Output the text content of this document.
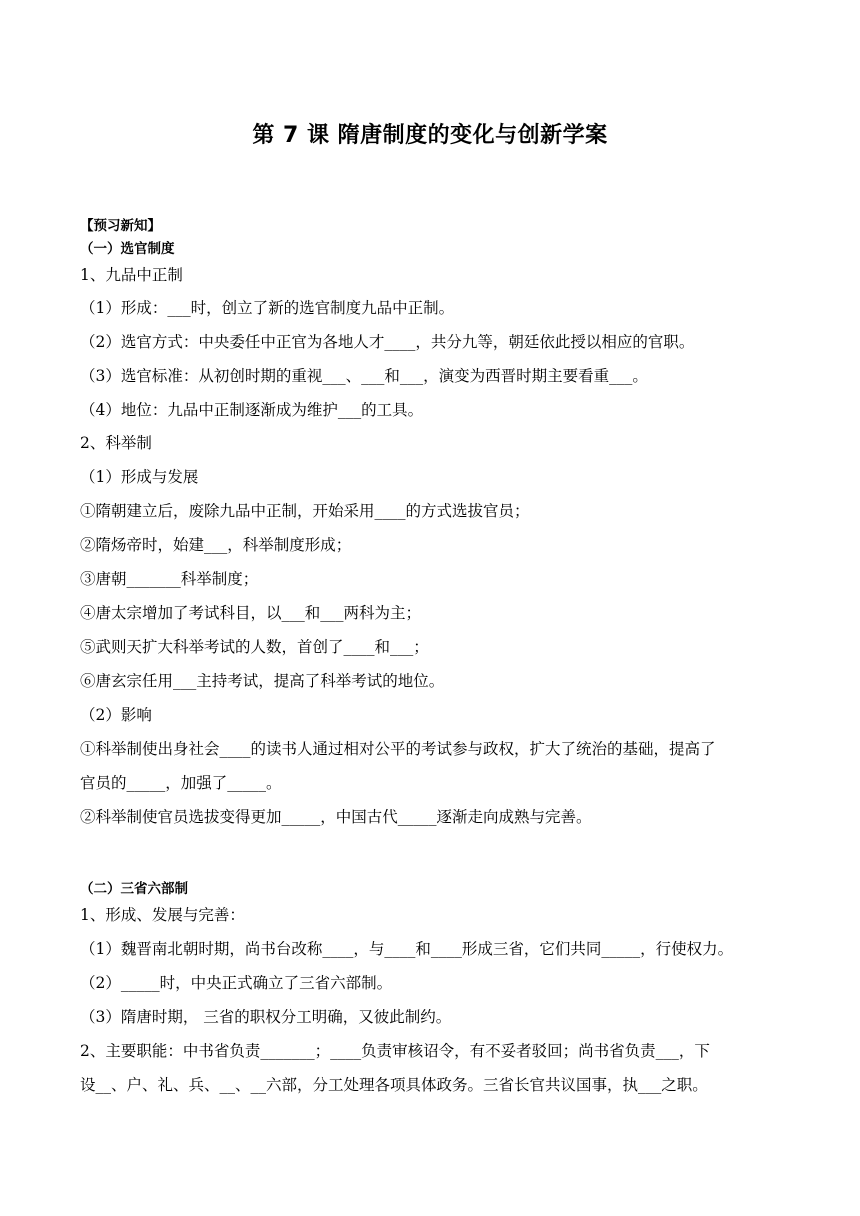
第 7 课 隋唐制度的变化与创新学案
【预习新知】
（一）选官制度
1、九品中正制
（1）形成：___时，创立了新的选官制度九品中正制。
（2）选官方式：中央委任中正官为各地人才____，共分九等，朝廷依此授以相应的官职。
（3）选官标准：从初创时期的重视___、___和___，演变为西晋时期主要看重___。
（4）地位：九品中正制逐渐成为维护___的工具。
2、科举制
（1）形成与发展
①隋朝建立后，废除九品中正制，开始采用____的方式选拔官员；
②隋炀帝时，始建___，科举制度形成；
③唐朝_______科举制度；
④唐太宗增加了考试科目，以___和___两科为主；
⑤武则天扩大科举考试的人数，首创了____和___；
⑥唐玄宗任用___主持考试，提高了科举考试的地位。
（2）影响
①科举制使出身社会____的读书人通过相对公平的考试参与政权，扩大了统治的基础，提高了
官员的_____，加强了_____。
②科举制使官员选拔变得更加_____，中国古代_____逐渐走向成熟与完善。
（二）三省六部制
1、形成、发展与完善：
（1）魏晋南北朝时期，尚书台改称____，与____和____形成三省，它们共同_____，行使权力。
（2）_____时，中央正式确立了三省六部制。
（3）隋唐时期， 三省的职权分工明确，又彼此制约。
2、主要职能：中书省负责_______；____负责审核诏令，有不妥者驳回；尚书省负责___，下
设__、户、礼、兵、__、__六部，分工处理各项具体政务。三省长官共议国事，执___之职。
